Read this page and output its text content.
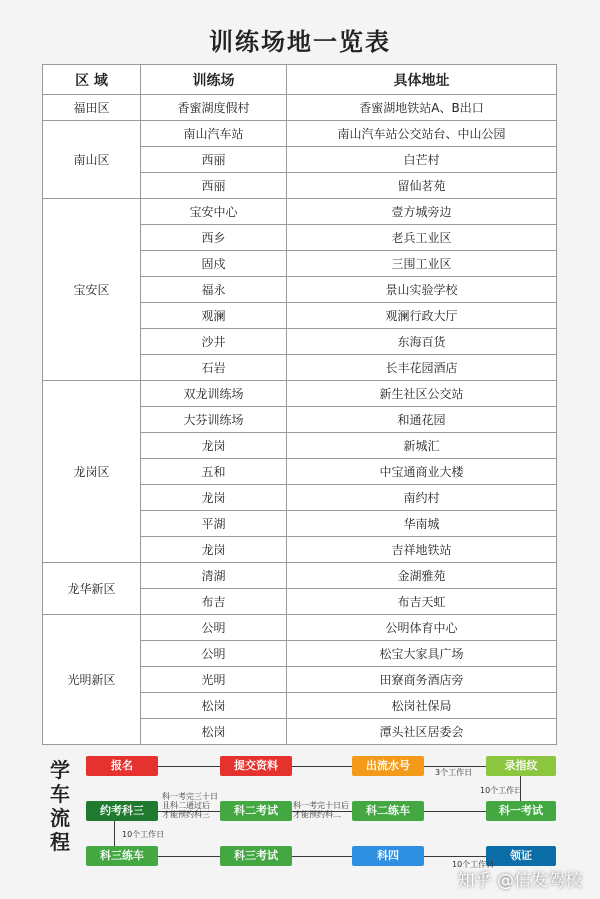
训练场地一览表
区 域	训练场	具体地址
福田区	香蜜湖度假村	香蜜湖地铁站A、B出口
南山区	南山汽车站	南山汽车站公交站台、中山公园
	西丽	白芒村
	西丽	留仙茗苑
宝安区	宝安中心	壹方城旁边
	西乡	老兵工业区
	固戍	三围工业区
	福永	景山实验学校
	观澜	观澜行政大厅
	沙井	东海百货
	石岩	长丰花园酒店
龙岗区	双龙训练场	新生社区公交站
	大芬训练场	和通花园
	龙岗	新城汇
	五和	中宝通商业大楼
	龙岗	南约村
	平湖	华南城
	龙岗	吉祥地铁站
龙华新区	清湖	金湖雅苑
	布吉	布吉天虹
光明新区	公明	公明体育中心
	公明	松宝大家具广场
	光明	田寮商务酒店旁
	松岗	松岗社保局
	松岗	潭头社区居委会
学
车
流
程
报名	提交资料	出流水号	录指纹
3个工作日
10个工作日
约考科三	科二考试	科二练车	科一考试
科一考完三十日
且科二通过后
才能预约科三
科一考完十日后
才能预约科二
10个工作日
科三练车	科三考试	科四	领证
10个工作日
知乎 @信发驾校
